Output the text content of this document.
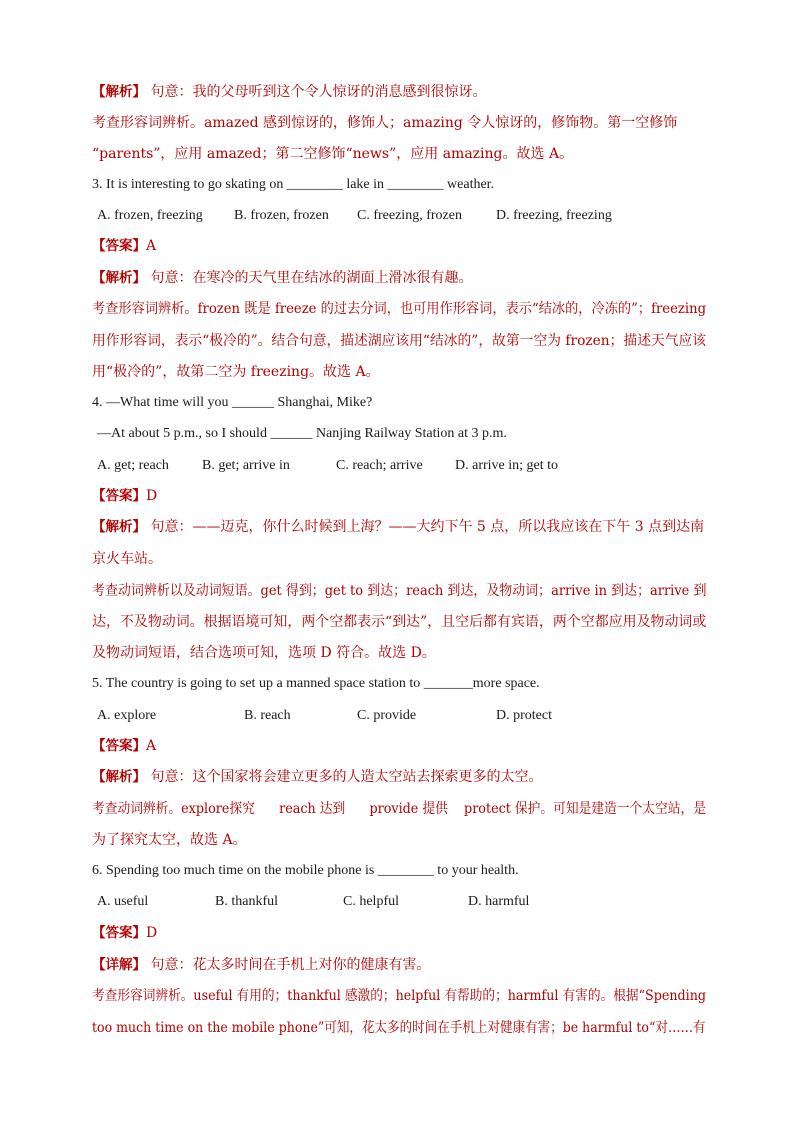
【解析】 句意：我的父母听到这个令人惊讶的消息感到很惊讶。
考查形容词辨析。amazed 感到惊讶的，修饰人；amazing 令人惊讶的，修饰物。第一空修饰
“parents”，应用 amazed；第二空修饰“news”，应用 amazing。故选 A。
3. It is interesting to go skating on ________ lake in ________ weather.
A. frozen, freezing B. frozen, frozen C. freezing, frozen D. freezing, freezing
【答案】A
【解析】 句意：在寒冷的天气里在结冰的湖面上滑冰很有趣。
考查形容词辨析。frozen 既是 freeze 的过去分词，也可用作形容词，表示“结冰的，冷冻的”；freezing
用作形容词，表示“极冷的”。结合句意，描述湖应该用“结冰的”，故第一空为 frozen；描述天气应该
用“极冷的”，故第二空为 freezing。故选 A。
4. —What time will you ______ Shanghai, Mike?
—At about 5 p.m., so I should ______ Nanjing Railway Station at 3 p.m.
A. get; reach B. get; arrive in	C. reach; arrive D. arrive in; get to
【答案】D
【解析】 句意：——迈克，你什么时候到上海？——大约下午 5 点，所以我应该在下午 3 点到达南
京火车站。
考查动词辨析以及动词短语。get 得到；get to 到达；reach 到达，及物动词；arrive in 到达；arrive 到
达，不及物动词。根据语境可知，两个空都表示“到达”，且空后都有宾语，两个空都应用及物动词或
及物动词短语，结合选项可知，选项 D 符合。故选 D。
5. The country is going to set up a manned space station to _______more space.
A. explore	B. reach	C. provide	D. protect
【答案】A
【解析】 句意：这个国家将会建立更多的人造太空站去探索更多的太空。
考查动词辨析。explore探究      reach 达到      provide 提供    protect 保护。可知是建造一个太空站，是
为了探究太空，故选 A。
6. Spending too much time on the mobile phone is ________ to your health.
A. useful	B. thankful	C. helpful	D. harmful
【答案】D
【详解】 句意：花太多时间在手机上对你的健康有害。
考查形容词辨析。useful 有用的；thankful 感激的；helpful 有帮助的；harmful 有害的。根据“Spending
too much time on the mobile phone”可知，花太多的时间在手机上对健康有害；be harmful to“对……有
